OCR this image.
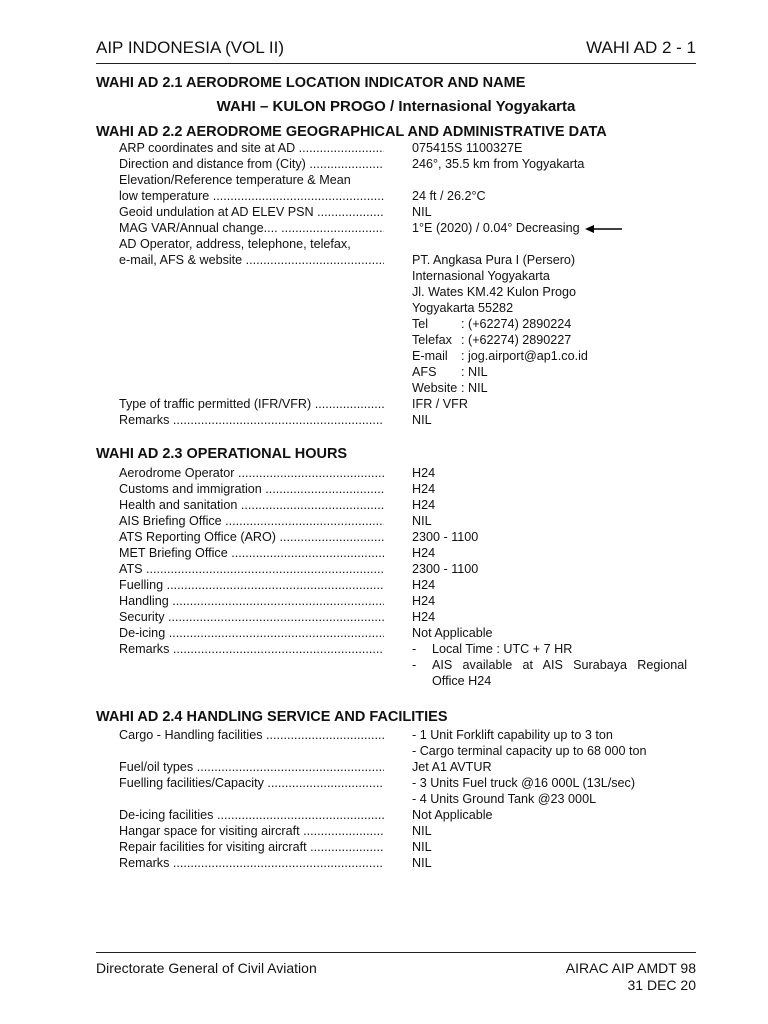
AIP INDONESIA (VOL II)	WAHI AD 2 - 1
WAHI AD 2.1 AERODROME LOCATION INDICATOR AND NAME
WAHI – KULON PROGO / Internasional Yogyakarta
WAHI AD 2.2 AERODROME GEOGRAPHICAL AND ADMINISTRATIVE DATA
ARP coordinates and site at AD .....	075415S 1100327E
Direction and distance from (City) .....	246°, 35.5 km from Yogyakarta
Elevation/Reference temperature & Mean
low temperature .....	24 ft / 26.2°C
Geoid undulation at AD ELEV PSN .....	NIL
MAG VAR/Annual change.... .....	1°E (2020) / 0.04° Decreasing
AD Operator, address, telephone, telefax,
e-mail, AFS & website .....	PT. Angkasa Pura I (Persero)
Internasional Yogyakarta
Jl. Wates KM.42 Kulon Progo
Yogyakarta 55282
Tel	: (+62274) 2890224
Telefax : (+62274) 2890227
E-mail : jog.airport@ap1.co.id
AFS : NIL
Website : NIL
Type of traffic permitted (IFR/VFR) .....	IFR / VFR
Remarks .....	NIL
WAHI AD 2.3 OPERATIONAL HOURS
Aerodrome Operator .....	H24
Customs and immigration .....	H24
Health and sanitation .....	H24
AIS Briefing Office .....	NIL
ATS Reporting Office (ARO) .....	2300 - 1100
MET Briefing Office .....	H24
ATS .....	2300 - 1100
Fuelling .....	H24
Handling .....	H24
Security .....	H24
De-icing .....	Not Applicable
Remarks .....	- Local Time : UTC + 7 HR
- AIS available at AIS Surabaya Regional Office H24
WAHI AD 2.4 HANDLING SERVICE AND FACILITIES
Cargo - Handling facilities .....	- 1 Unit Forklift capability up to 3 ton
- Cargo terminal capacity up to 68 000 ton
Fuel/oil types .....	Jet A1 AVTUR
Fuelling facilities/Capacity .....	- 3 Units Fuel truck @16 000L (13L/sec)
- 4 Units Ground Tank @23 000L
De-icing facilities .....	Not Applicable
Hangar space for visiting aircraft .....	NIL
Repair facilities for visiting aircraft .....	NIL
Remarks .....	NIL
Directorate General of Civil Aviation	AIRAC AIP AMDT 98
31 DEC 20
